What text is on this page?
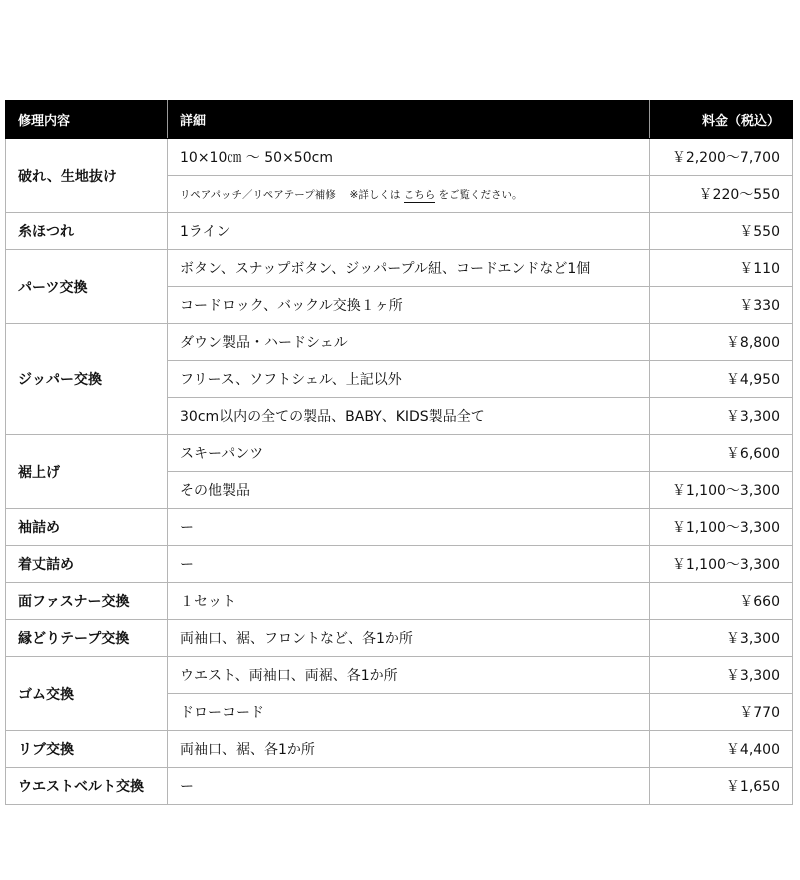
修理内容	詳細	料金（税込）
破れ、生地抜け	10×10㎝ 〜 50×50cm	￥2,200〜7,700
	リペアパッチ／リペアテープ補修　 ※詳しくは こちら をご覧ください。	￥220〜550
糸ほつれ	1ライン	￥550
パーツ交換	ボタン、スナップボタン、ジッパープル紐、コードエンドなど1個	￥110
	コードロック、バックル交換１ヶ所	￥330
ジッパー交換	ダウン製品・ハードシェル	￥8,800
	フリース、ソフトシェル、上記以外	￥4,950
	30cm以内の全ての製品、BABY、KIDS製品全て	￥3,300
裾上げ	スキーパンツ	￥6,600
	その他製品	￥1,100〜3,300
袖詰め	ー	￥1,100〜3,300
着丈詰め	ー	￥1,100〜3,300
面ファスナー交換	１セット	￥660
縁どりテープ交換	両袖口、裾、フロントなど、各1か所	￥3,300
ゴム交換	ウエスト、両袖口、両裾、各1か所	￥3,300
	ドローコード	￥770
リブ交換	両袖口、裾、各1か所	￥4,400
ウエストベルト交換	ー	￥1,650
